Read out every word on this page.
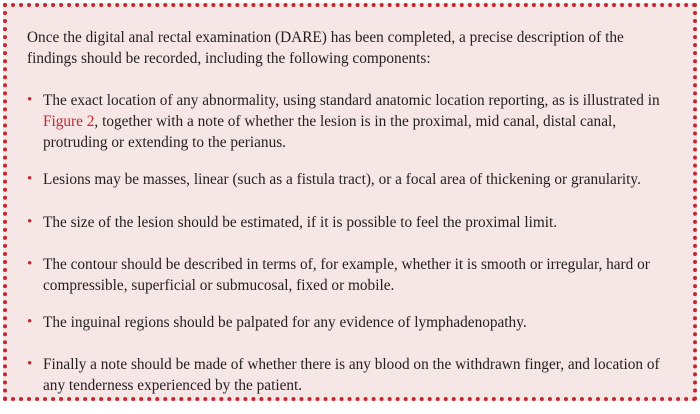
Once the digital anal rectal examination (DARE) has been completed, a precise description of the findings should be recorded, including the following components:

• The exact location of any abnormality, using standard anatomic location reporting, as is illustrated in Figure 2, together with a note of whether the lesion is in the proximal, mid canal, distal canal, protruding or extending to the perianus.
• Lesions may be masses, linear (such as a fistula tract), or a focal area of thickening or granularity.
• The size of the lesion should be estimated, if it is possible to feel the proximal limit.
• The contour should be described in terms of, for example, whether it is smooth or irregular, hard or compressible, superficial or submucosal, fixed or mobile.
• The inguinal regions should be palpated for any evidence of lymphadenopathy.
• Finally a note should be made of whether there is any blood on the withdrawn finger, and location of any tenderness experienced by the patient.
